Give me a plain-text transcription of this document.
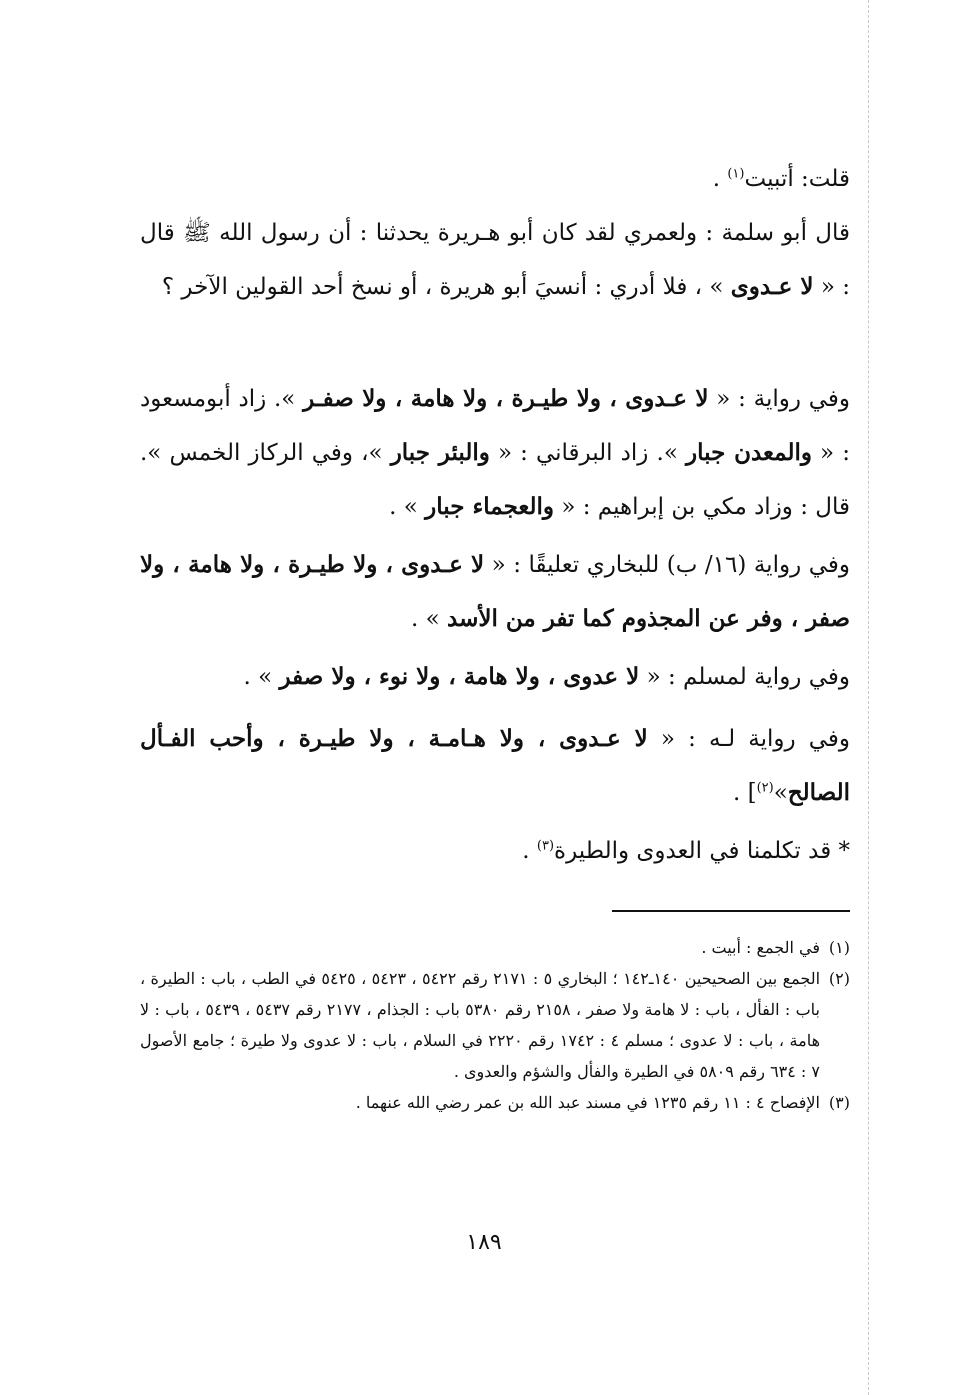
قلت: أتبيت$^{(١)}$ .

قال أبو سلمة : ولعمري لقد كان أبو هـريرة يحدثنا : أن رسول الله ﷺ قال : « لا عـدوى » ، فلا أدري : أنسيَ أبو هريرة ، أو نسخ أحد القولين الآخر ؟

وفي رواية : « لا عـدوى ، ولا طيـرة ، ولا هامة ، ولا صفـر ». زاد أبومسعود : « والمعدن جبار ». زاد البرقاني : « والبئر جبار »، وفي الركاز الخمس ». قال : وزاد مكي بن إبراهيم : « والعجماء جبار » .

وفي رواية (١٦/ ب) للبخاري تعليقًا : « لا عـدوى ، ولا طيـرة ، ولا هامة ، ولا صفر ، وفر عن المجذوم كما تفر من الأسد » .

وفي رواية لمسلم : « لا عدوى ، ولا هامة ، ولا نوء ، ولا صفر » .

وفي رواية لـه : « لا عـدوى ، ولا هـامـة ، ولا طيـرة ، وأحب الفـأل الصالح»$^{(٢)}$] .

* قد تكلمنا في العدوى والطيرة$^{(٣)}$ .

(١)
في الجمع : أبيت .
(٢)
الجمع بين الصحيحين ١٤٠ـ١٤٢ ؛ البخاري ٥ : ٢١٧١ رقم ٥٤٢٢ ، ٥٤٢٣ ، ٥٤٢٥ في الطب ، باب : الطيرة ، باب : الفأل ، باب : لا هامة ولا صفر ، ٢١٥٨ رقم ٥٣٨٠ باب : الجذام ، ٢١٧٧ رقم ٥٤٣٧ ، ٥٤٣٩ ، باب : لا هامة ، باب : لا عدوى ؛ مسلم ٤ : ١٧٤٢ رقم ٢٢٢٠ في السلام ، باب : لا عدوى ولا طيرة ؛ جامع الأصول ٧ : ٦٣٤ رقم ٥٨٠٩ في الطيرة والفأل والشؤم والعدوى .
(٣)
الإفصاح ٤ : ١١ رقم ١٢٣٥ في مسند عبد الله بن عمر رضي الله عنهما .
١٨٩
